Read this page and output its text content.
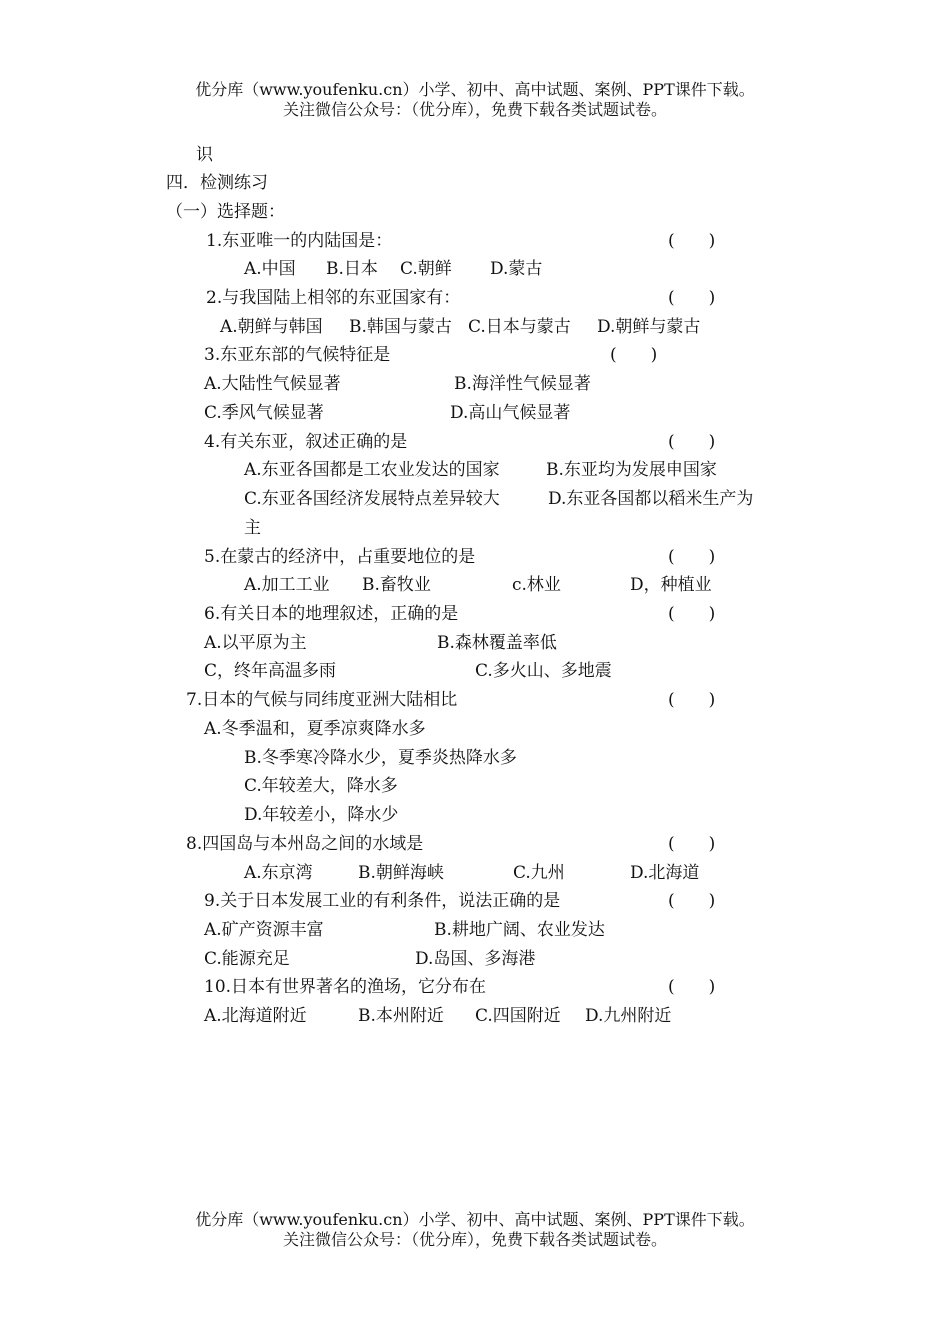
优分库（www.youfenku.cn）小学、初中、高中试题、案例、PPT课件下载。
关注微信公众号：（优分库），免费下载各类试题试卷。
识
四．检测练习
（一）选择题：
1.东亚唯一的内陆国是：	(　　)
A.中国 B.日本 C.朝鲜 D.蒙古
2.与我国陆上相邻的东亚国家有：	(　　)
A.朝鲜与韩国 B.韩国与蒙古 C.日本与蒙古 D.朝鲜与蒙古
3.东亚东部的气候特征是	(　　)
A.大陆性气候显著	B.海洋性气候显著
C.季风气候显著	D.高山气候显著
4.有关东亚，叙述正确的是	(　　)
A.东亚各国都是工农业发达的国家	B.东亚均为发展申国家
C.东亚各国经济发展特点差异较大	D.东亚各国都以稻米生产为
主
5.在蒙古的经济中，占重要地位的是	(　　)
A.加工工业 B.畜牧业	c.林业	D，种植业
6.有关日本的地理叙述，正确的是	(　　)
A.以平原为主	B.森林覆盖率低
C，终年高温多雨	C.多火山、多地震
7.日本的气候与同纬度亚洲大陆相比	(　　)
A.冬季温和，夏季凉爽降水多
B.冬季寒冷降水少，夏季炎热降水多
C.年较差大，降水多
D.年较差小，降水少
8.四国岛与本州岛之间的水域是	(　　)
A.东京湾	B.朝鲜海峡	C.九州	D.北海道
9.关于日本发展工业的有利条件，说法正确的是	(　　)
A.矿产资源丰富	B.耕地广阔、农业发达
C.能源充足	D.岛国、多海港
10.日本有世界著名的渔场，它分布在	(　　)
A.北海道附近	B.本州附近 C.四国附近 D.九州附近
优分库（www.youfenku.cn）小学、初中、高中试题、案例、PPT课件下载。
关注微信公众号：（优分库），免费下载各类试题试卷。
